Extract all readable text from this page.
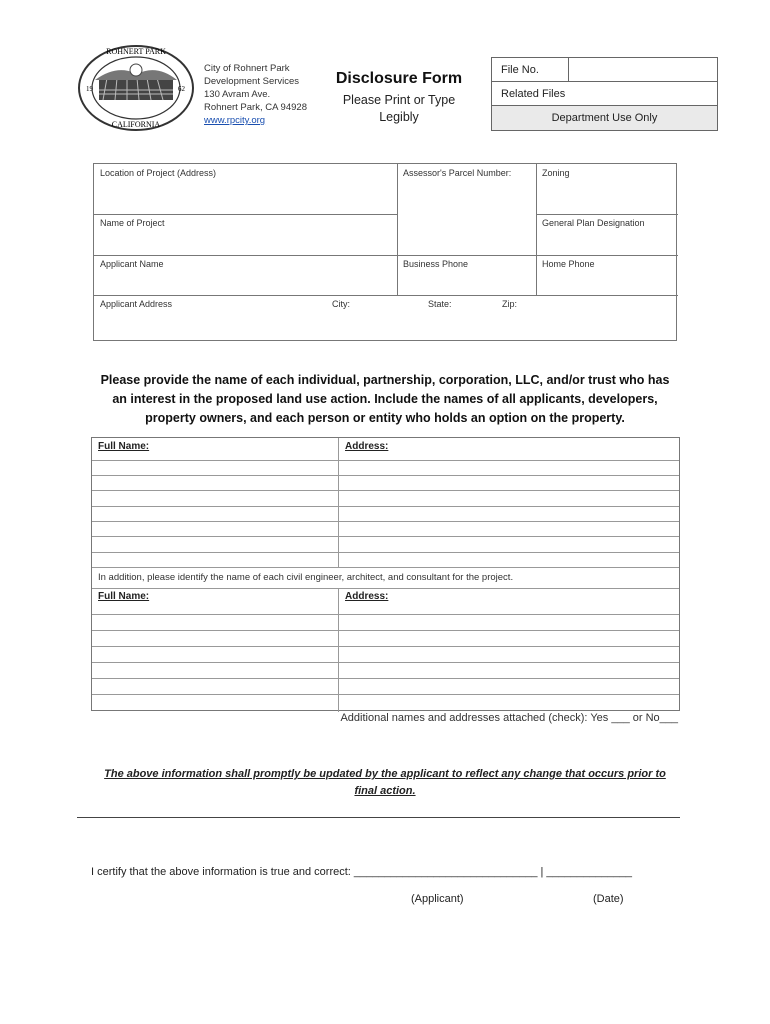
ROHNERT PARK
CALIFORNIA
19	62
City of Rohnert Park
Development Services
130 Avram Ave.
Rohnert Park, CA 94928
www.rpcity.org
Disclosure Form
Please Print or Type
Legibly
File No.
Related Files
Department Use Only
Location of Project (Address)	Assessor's Parcel Number:	Zoning
Name of Project	General Plan Designation
Applicant Name	Business Phone	Home Phone
Applicant Address	City:	State:	Zip:
Please provide the name of each individual, partnership, corporation, LLC, and/or trust who has an interest in the proposed land use action. Include the names of all applicants, developers, property owners, and each person or entity who holds an option on the property.
Full Name:	Address:
In addition, please identify the name of each civil engineer, architect, and consultant for the project.
Full Name:	Address:
Additional names and addresses attached (check): Yes ___ or No___
The above information shall promptly be updated by the applicant to reflect any change that occurs prior to final action.
I certify that the above information is true and correct: ______________________________ | ______________
(Applicant)	(Date)
